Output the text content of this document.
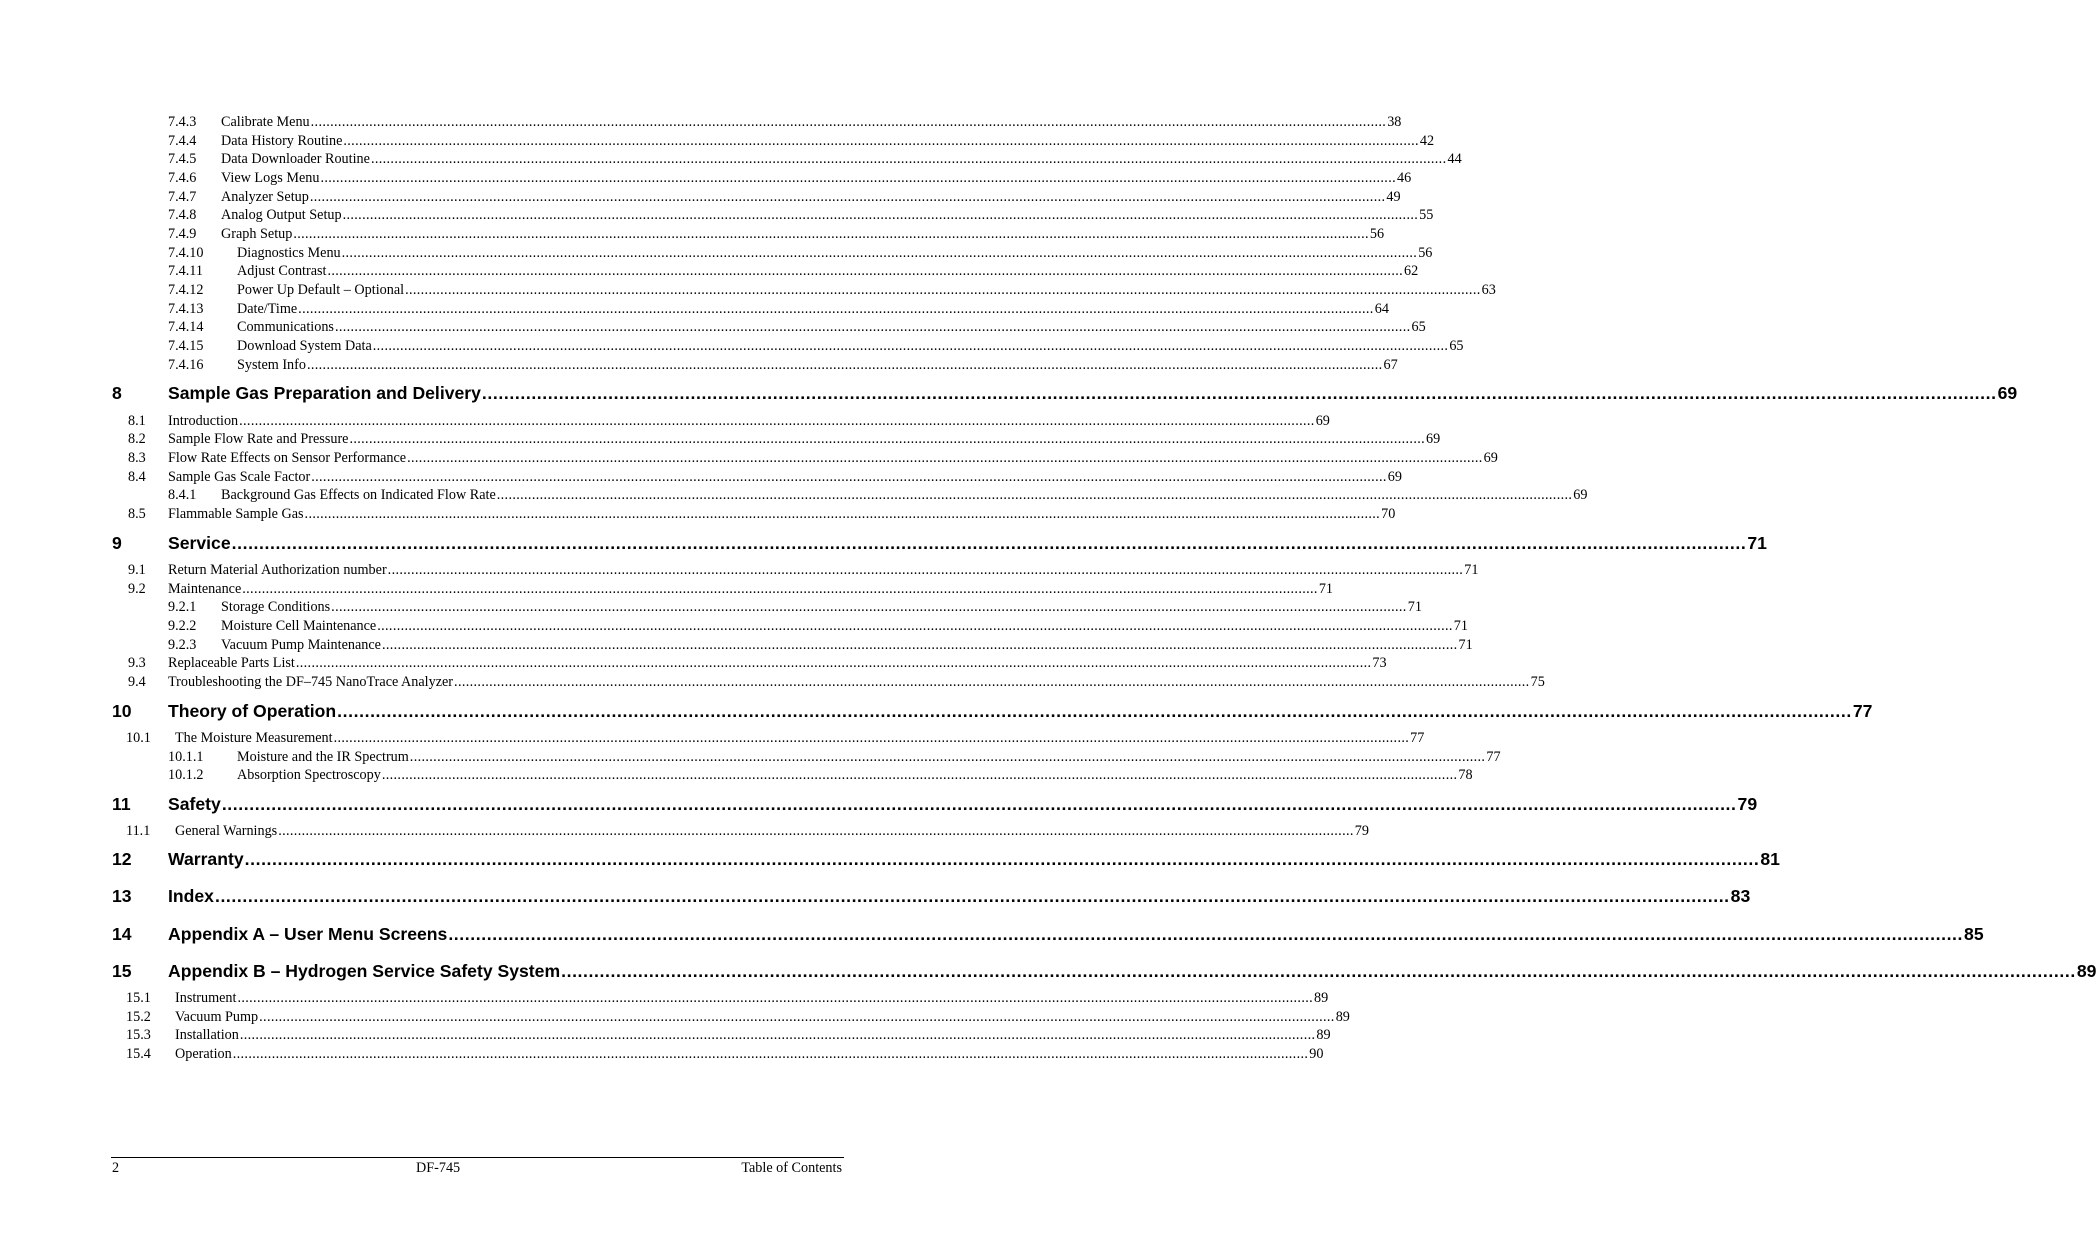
7.4.3 Calibrate Menu .....	38
7.4.4 Data History Routine .....	42
7.4.5 Data Downloader Routine .....	44
7.4.6 View Logs Menu .....	46
7.4.7 Analyzer Setup .....	49
7.4.8 Analog Output Setup .....	55
7.4.9 Graph Setup .....	56
7.4.10 Diagnostics Menu .....	56
7.4.11 Adjust Contrast .....	62
7.4.12 Power Up Default – Optional .....	63
7.4.13 Date/Time .....	64
7.4.14 Communications .....	65
7.4.15 Download System Data .....	65
7.4.16 System Info .....	67
8	Sample Gas Preparation and Delivery .....	69
8.1 Introduction .....	69
8.2 Sample Flow Rate and Pressure .....	69
8.3 Flow Rate Effects on Sensor Performance .....	69
8.4 Sample Gas Scale Factor .....	69
8.4.1 Background Gas Effects on Indicated Flow Rate .....	69
8.5 Flammable Sample Gas .....	70
9	Service .....	71
9.1 Return Material Authorization number .....	71
9.2 Maintenance .....	71
9.2.1 Storage Conditions .....	71
9.2.2 Moisture Cell Maintenance .....	71
9.2.3 Vacuum Pump Maintenance .....	71
9.3 Replaceable Parts List .....	73
9.4 Troubleshooting the DF–745 NanoTrace Analyzer .....	75
10 Theory of Operation .....	77
10.1 The Moisture Measurement .....	77
10.1.1 Moisture and the IR Spectrum .....	77
10.1.2 Absorption Spectroscopy .....	78
11 Safety .....	79
11.1 General Warnings .....	79
12 Warranty .....	81
13 Index .....	83
14 Appendix A – User Menu Screens .....	85
15 Appendix B – Hydrogen Service Safety System .....	89
15.1 Instrument .....	89
15.2 Vacuum Pump .....	89
15.3 Installation .....	89
15.4 Operation .....	90
2	DF-745	Table of Contents
